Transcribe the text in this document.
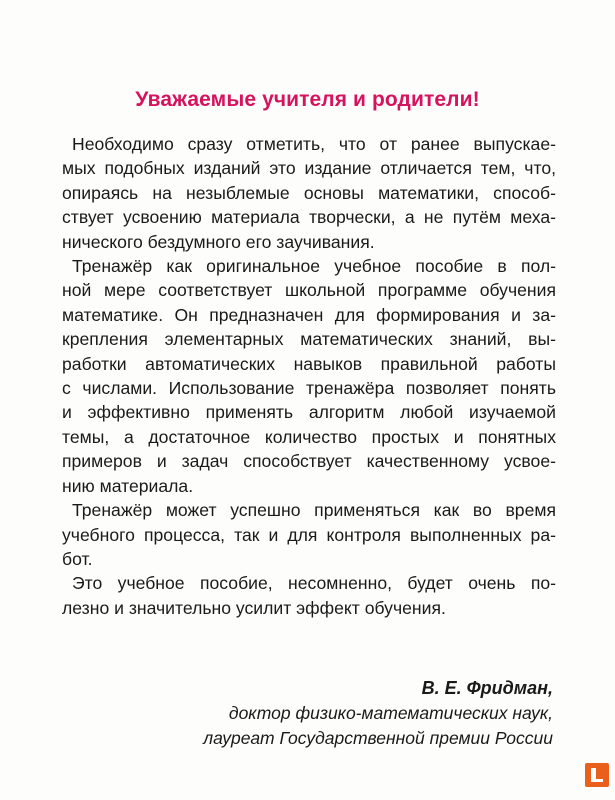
Уважаемые учителя и родители!
Необходимо сразу отметить, что от ранее выпускае-
мых подобных изданий это издание отличается тем, что,
опираясь на незыблемые основы математики, способ-
ствует усвоению материала творчески, а не путём меха-
нического бездумного его заучивания.
Тренажёр как оригинальное учебное пособие в пол-
ной мере соответствует школьной программе обучения
математике. Он предназначен для формирования и за-
крепления элементарных математических знаний, вы-
работки автоматических навыков правильной работы
с числами. Использование тренажёра позволяет понять
и эффективно применять алгоритм любой изучаемой
темы, а достаточное количество простых и понятных
примеров и задач способствует качественному усвое-
нию материала.
Тренажёр может успешно применяться как во время
учебного процесса, так и для контроля выполненных ра-
бот.
Это учебное пособие, несомненно, будет очень по-
лезно и значительно усилит эффект обучения.
В. Е. Фридман,
доктор физико-математических наук,
лауреат Государственной премии России
